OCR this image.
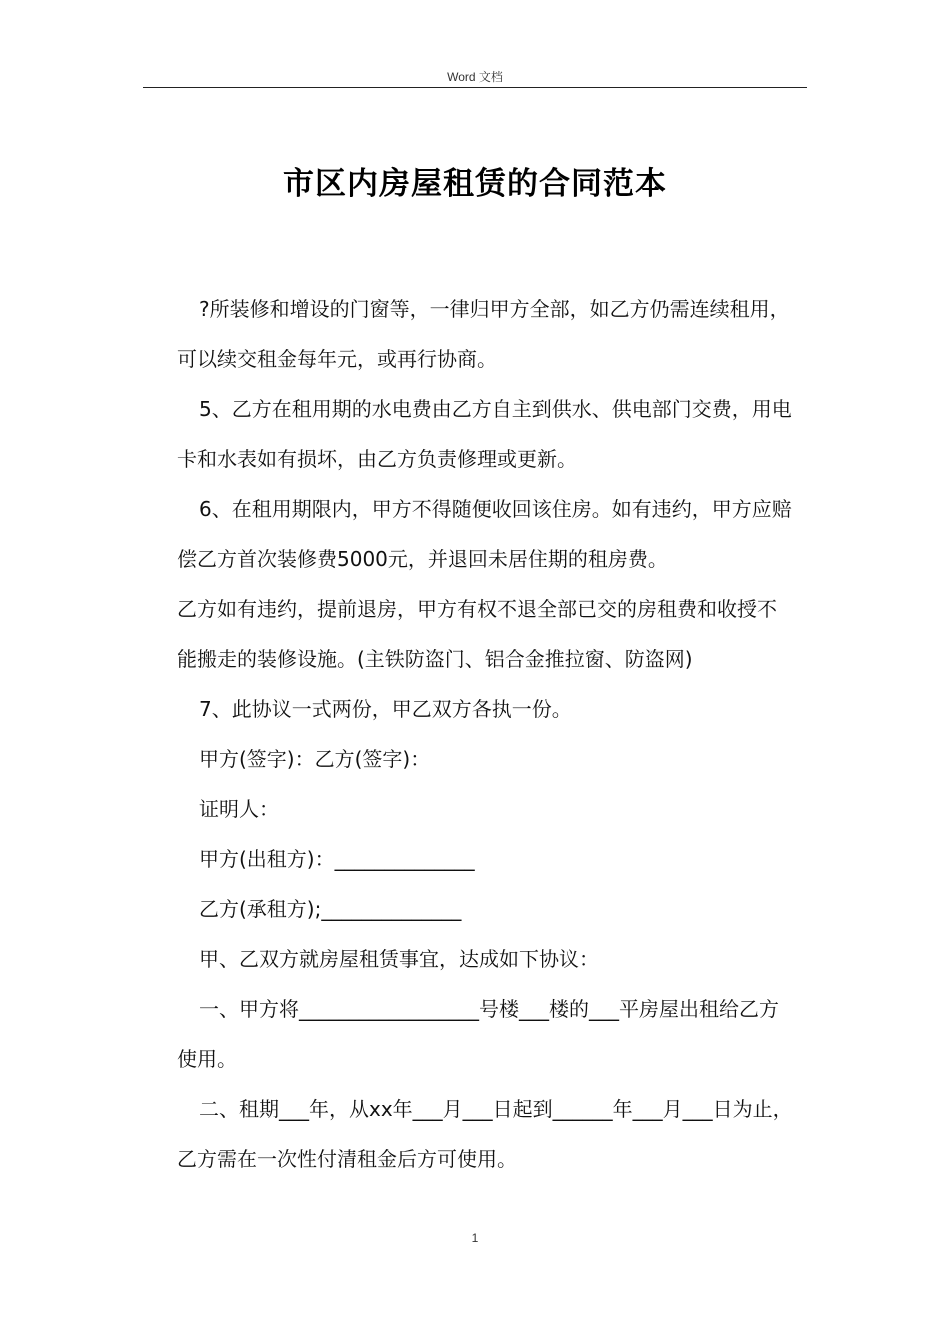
Word 文档
市区内房屋租赁的合同范本

?所装修和增设的门窗等，一律归甲方全部，如乙方仍需连续租用，可以续交租金每年元，或再行协商。

5、乙方在租用期的水电费由乙方自主到供水、供电部门交费，用电卡和水表如有损坏，由乙方负责修理或更新。

6、在租用期限内，甲方不得随便收回该住房。如有违约，甲方应赔偿乙方首次装修费5000元，并退回未居住期的租房费。

乙方如有违约，提前退房，甲方有权不退全部已交的房租费和收授不能搬走的装修设施。(主铁防盗门、铝合金推拉窗、防盗网)

7、此协议一式两份，甲乙双方各执一份。

甲方(签字)：乙方(签字)：

证明人：

甲方(出租方)：______________

乙方(承租方);______________

甲、乙双方就房屋租赁事宜，达成如下协议：

一、甲方将__________________号楼___楼的___平房屋出租给乙方使用。

二、租期___年，从xx年___月___日起到______年___月___日为止，乙方需在一次性付清租金后方可使用。

1
